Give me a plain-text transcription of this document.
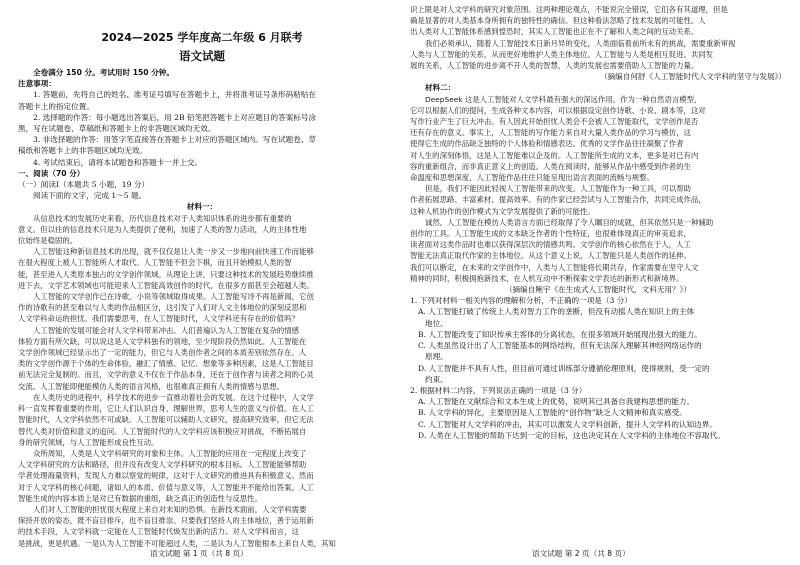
2024—2025 学年度高二年级 6 月联考
语文试题
全卷满分 150 分。考试用时 150 分钟。
注意事项：
1. 答题前，先将自己的姓名、准考证号填写在答题卡上，并将准考证号条形码粘贴在
答题卡上的指定位置。
2. 选择题的作答：每小题选出答案后，用 2B 铅笔把答题卡上对应题目的答案标号涂
黑，写在试题卷、草稿纸和答题卡上的非答题区域均无效。
3. 非选择题的作答：用签字笔直接答在答题卡上对应的答题区域内。写在试题卷、草
稿纸和答题卡上的非答题区域均无效。
4. 考试结束后，请将本试题卷和答题卡一并上交。
一、阅读（70 分）
（一）阅读Ⅰ（本题共 5 小题，19 分）
阅读下面的文字，完成 1～5 题。
材料一：
从信息技术的发展历史来看，历代信息技术对于人类知识体系的进步都有重要的
意义。但以往的信息技术只是为人类提供了便利，加速了人类的智力活动，人的主体性地
位始终是稳固的。
人工智能这种新信息技术的出现，就不仅仅是让人类一步又一步地向前快速工作而能够
在很大程度上被人工智能所人才取代。人工智能不但会下棋，而且开始模拟人类的智
能，甚至进入人类原本独占的文学创作领域。从理论上讲，只要这种技术的发展趋势继续推
进下去，文学艺术领域也可能迎来人工智能高效创作的时代，在很多方面甚至会超越人类。
人工智能的文学创作已在诗歌、小说等领域取得成果。人工智能写诗不再是新闻，它创
作的诗歌有的甚至难以与人类的作品相区分，这引发了人们对人文主体地位的深刻反思和
人文学科命运的担忧。我们需要思考，在人工智能时代，人文学科还有存在的价值吗？
人工智能的发展可能会对人文学科带来冲击。人们普遍认为人工智能在复杂的情感
体验方面有所欠缺，可以说这是人文学科独有的领地，至少现阶段仍然如此。人工智能在
文学创作领域已经显示出了一定的能力，但它与人类创作者之间的本质差别依然存在。人
类的文学创作源于个体的生命体验，融汇了情感、记忆、想象等多种因素，这是人工智能目
前无法完全复制的。而且，文学的意义不仅在于作品本身，还在于创作者与读者之间的心灵
交流。人工智能即便能模仿人类的语言风格，也很难真正拥有人类的情感与思想。
在人类历史的进程中，科学技术的进步一直推动着社会的发展。在这个过程中，人文学
科一直发挥着重要的作用，它让人们认识自身，理解世界，思考人生的意义与价值。在人工
智能时代，人文学科依然不可或缺。人工智能可以辅助人文研究，提高研究效率，但它无法
替代人类对价值和意义的追问。人工智能时代的人文学科应该积极应对挑战，不断拓展自
身的研究领域，与人工智能形成良性互动。
众所周知，人类是人文学科研究的对象和主体。人工智能的应用在一定程度上改变了
人文学科研究的方法和路径，但并没有改变人文学科研究的根本目标。人工智能能够帮助
学者处理海量资料，发现人力难以察觉的规律，这对于人文研究的推进具有积极意义。然而
对于人文学科的核心问题，诸如人的本质、价值与意义等，人工智能并不能给出答案。人工
智能生成的内容本质上是对已有数据的重组，缺乏真正的创造性与反思性。
人们对人工智能的担忧很大程度上来自对未知的恐惧。在新技术面前，人文学科需要
保持开放的姿态，既不盲目排斥，也不盲目推崇。只要我们坚持人的主体地位，善于运用新
的技术手段，人文学科就一定能在人工智能时代焕发出新的活力。对人文学科而言，这
是挑战，更是机遇。一是认为人工智能不可能超过人类，二是认为人工智能根本上来自人类，其知
语文试题 第 1 页（共 8 页）
识上限是对人文学科的研究对象范围。这两种理论观点，不能说完全错误，它们各有其道理，但是
确是显著的对人类基本身所拥有的独特性的确信。但这种看法忽略了技术发展的可能性。人
出人类对人工智能体系感到惶恐时，其实人工智能也正在不了解和人类之间的互动关系。
我们必须承认，随着人工智能技术日新月异的变化，人类面临着前所未有的挑战，需要重新审视
人类与人工智能的关系，从而更好地维护人类主体地位。人工智能与人类是相互促进、共同发
展的关系，人工智能的进步离不开人类的智慧，人类的发展也需要借助人工智能的力量。
（摘编自何舒《人工智能时代人文学科的坚守与发展》）
材料二：
DeepSeek 这是人工智能对人文学科最有强大的深远作用。作为一种自然语言模型，
它可以根据人们的提问，生成各种文本内容，可以根据设定创作诗歌、小说、剧本等，这对
写作行业产生了巨大冲击。有人因此开始担忧人类会不会被人工智能取代，文学创作是否
还有存在的意义。事实上，人工智能的写作能力来自对大量人类作品的学习与模仿，这
使得它生成的作品缺乏独特的个人体验和情感表达。优秀的文学作品往往凝聚了作者
对人生的深刻体悟，这是人工智能难以企及的。人工智能所生成的文本，更多是对已有内
容的重新组合，而非真正意义上的创造。人类在阅读时，能够从作品中感受到作者的生
命温度和思想深度，人工智能作品往往只能呈现出语言表面的流畅与规整。
但是，我们不能因此轻视人工智能带来的改变。人工智能作为一种工具，可以帮助
作者拓展思路、丰富素材、提高效率。有的作家已经尝试与人工智能合作，共同完成作品，
这种人机协作的创作模式为文学发展提供了新的可能性。
诚然，人工智能在模仿人类语言方面已经取得了令人瞩目的成就，但其依然只是一种辅助
创作的工具。人工智能生成的文本缺乏作者的个性特征，也很难体现真正的审美追求，
读者面对这类作品时也难以获得深层次的情感共鸣。文学创作的核心依然在于人，人工
智能无法真正取代作家的主体地位。从这个意义上说，人工智能只是人类创作的延伸。
我们可以断定，在未来的文学创作中，人类与人工智能将长期共存，作家需要在坚守人文
精神的同时，积极拥抱新技术，在人机互动中不断探索文学表达的新形式和新境界。
（摘编自鲍宇《在生成式人工智能时代，文科无用？》）
1. 下列对材料一相关内容的理解和分析，不正确的一项是（3 分）
A. 人工智能打破了传统上人类对智力工作的垄断，但没有动摇人类在知识上的主体
地位。
B. 人工智能改变了知识传承主客体的分离状态，在很多领域开始展现出强大的能力。
C. 人类虽然设计出了人工智能基本的网络结构，但有无法深入理解其神经网络运作的
原理。
D. 人工智能并不具有人性，但目前可通过训练部分遵循伦理原则，使得规则，受一定的
约束。
2. 根据材料二内容，下列说法正确的一项是（3 分）
A. 人工智能在文献综合和文本生成上的优势，说明其已具备自我建构思想的能力。
B. 人文学科的异化，主要原因是人工智能的“创作物”缺乏人文精神和真实感受。
C. 人工智能对人文学科的冲击，其实可以激发人文学科创新，提升人文学科的认知边界。
D. 人类在人工智能的帮助下达到一定的目标，这也决定其在人文学科的主体地位不容取代。
语文试题 第 2 页（共 8 页）
